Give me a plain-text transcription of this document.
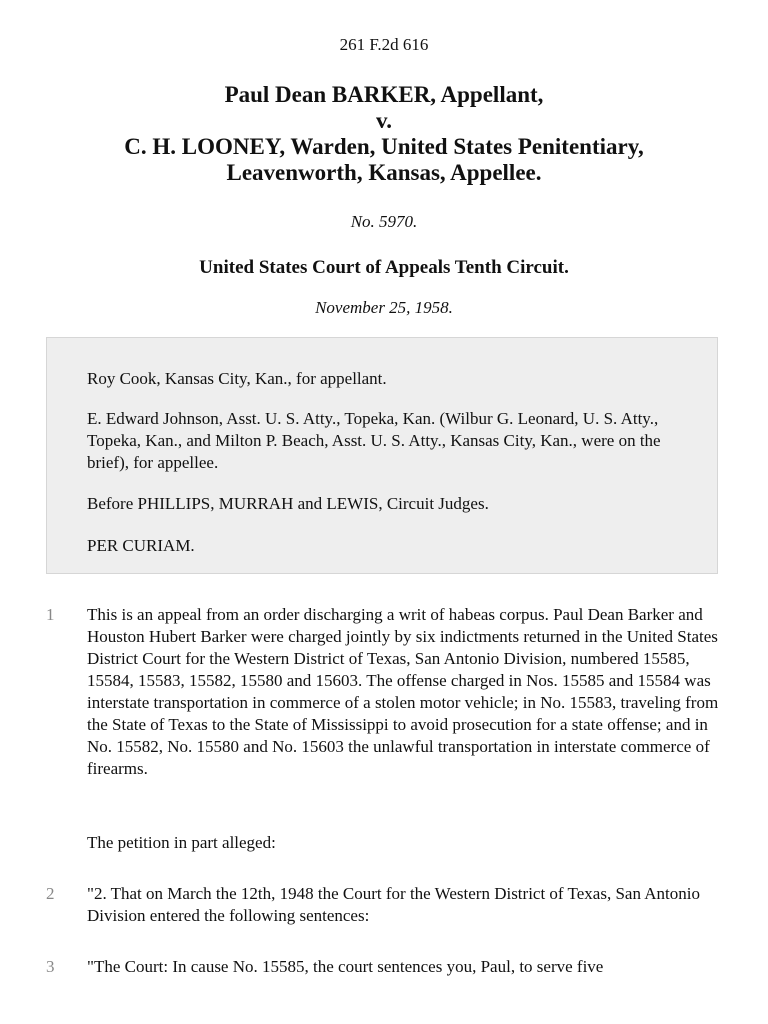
261 F.2d 616
Paul Dean BARKER, Appellant,
v.
C. H. LOONEY, Warden, United States Penitentiary,
Leavenworth, Kansas, Appellee.
No. 5970.
United States Court of Appeals Tenth Circuit.
November 25, 1958.

Roy Cook, Kansas City, Kan., for appellant.

E. Edward Johnson, Asst. U. S. Atty., Topeka, Kan. (Wilbur G. Leonard, U. S. Atty., Topeka, Kan., and Milton P. Beach, Asst. U. S. Atty., Kansas City, Kan., were on the brief), for appellee.

Before PHILLIPS, MURRAH and LEWIS, Circuit Judges.

PER CURIAM.

1	This is an appeal from an order discharging a writ of habeas corpus. Paul Dean Barker and Houston Hubert Barker were charged jointly by six indictments returned in the United States District Court for the Western District of Texas, San Antonio Division, numbered 15585, 15584, 15583, 15582, 15580 and 15603. The offense charged in Nos. 15585 and 15584 was interstate transportation in commerce of a stolen motor vehicle; in No. 15583, traveling from the State of Texas to the State of Mississippi to avoid prosecution for a state offense; and in No. 15582, No. 15580 and No. 15603 the unlawful transportation in interstate commerce of firearms.

The petition in part alleged:

2	"2. That on March the 12th, 1948 the Court for the Western District of Texas, San Antonio Division entered the following sentences:

3	"The Court: In cause No. 15585, the court sentences you, Paul, to serve five
